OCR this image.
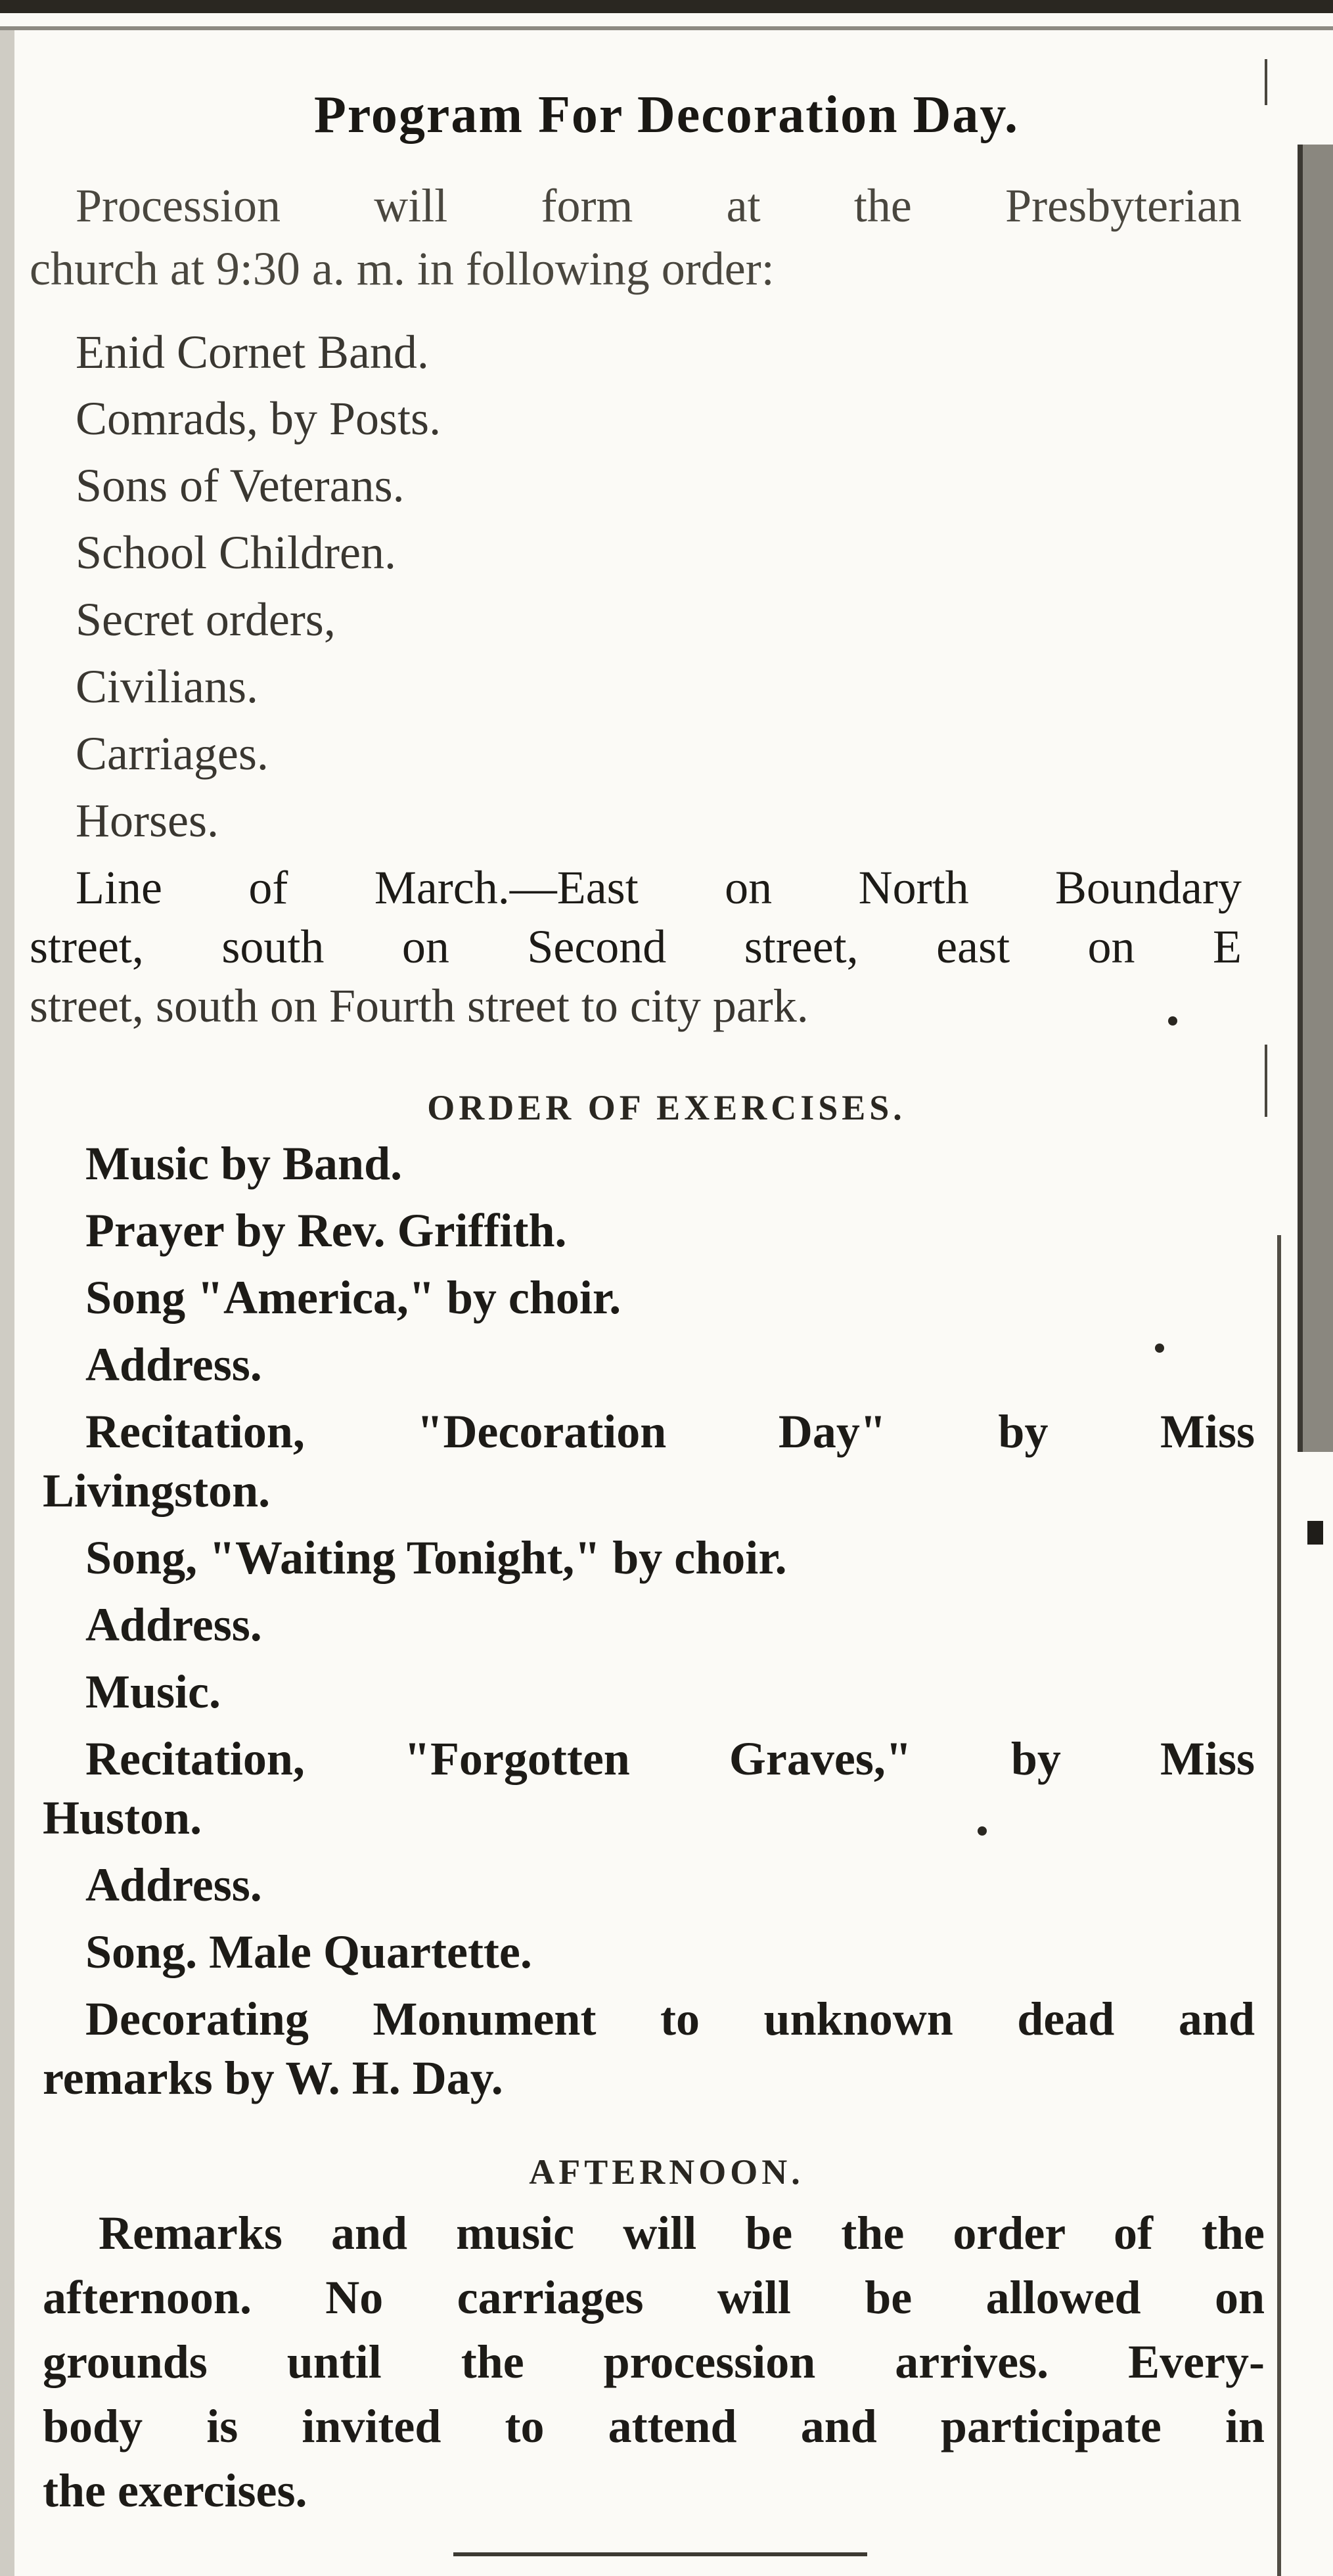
Program For Decoration Day.
Procession will form at the Presbyterian
church at 9:30 a. m. in following order:
Enid Cornet Band.
Comrads, by Posts.
Sons of Veterans.
School Children.
Secret orders,
Civilians.
Carriages.
Horses.
Line of March.—East on North Boundary
street, south on Second street, east on E
street, south on Fourth street to city park.
ORDER OF EXERCISES.
Music by Band.
Prayer by Rev. Griffith.
Song "America," by choir.
Address.
Recitation, "Decoration Day" by Miss
Livingston.
Song, "Waiting Tonight," by choir.
Address.
Music.
Recitation, "Forgotten Graves," by Miss
Huston.
Address.
Song. Male Quartette.
Decorating Monument to unknown dead and
remarks by W. H. Day.
AFTERNOON.
Remarks and music will be the order of the
afternoon. No carriages will be allowed on
grounds until the procession arrives. Every-
body is invited to attend and participate in
the exercises.
